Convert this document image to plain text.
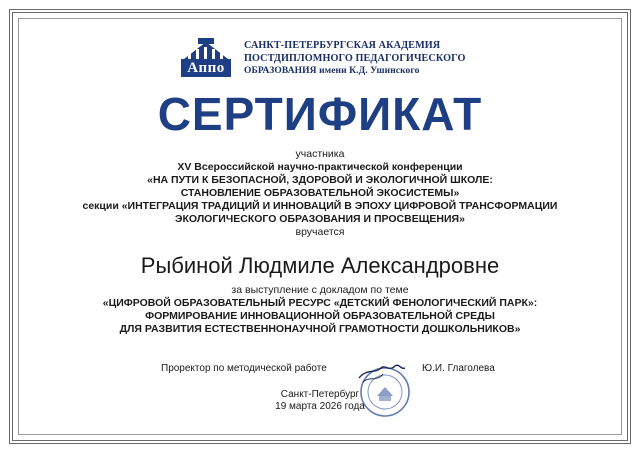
Аппо
САНКТ-ПЕТЕРБУРГСКАЯ АКАДЕМИЯ
ПОСТДИПЛОМНОГО ПЕДАГОГИЧЕСКОГО
ОБРАЗОВАНИЯ имени К.Д. Ушинского
СЕРТИФИКАТ
участника
XV Всероссийской научно-практической конференции
«НА ПУТИ К БЕЗОПАСНОЙ, ЗДОРОВОЙ И ЭКОЛОГИЧНОЙ ШКОЛЕ:
СТАНОВЛЕНИЕ ОБРАЗОВАТЕЛЬНОЙ ЭКОСИСТЕМЫ»
секции «ИНТЕГРАЦИЯ ТРАДИЦИЙ И ИННОВАЦИЙ В ЭПОХУ ЦИФРОВОЙ ТРАНСФОРМАЦИИ
ЭКОЛОГИЧЕСКОГО ОБРАЗОВАНИЯ И ПРОСВЕЩЕНИЯ»
вручается
Рыбиной Людмиле Александровне
за выступление с докладом по теме
«ЦИФРОВОЙ ОБРАЗОВАТЕЛЬНЫЙ РЕСУРС «ДЕТСКИЙ ФЕНОЛОГИЧЕСКИЙ ПАРК»:
ФОРМИРОВАНИЕ ИННОВАЦИОННОЙ ОБРАЗОВАТЕЛЬНОЙ СРЕДЫ
ДЛЯ РАЗВИТИЯ ЕСТЕСТВЕННОНАУЧНОЙ ГРАМОТНОСТИ ДОШКОЛЬНИКОВ»
Проректор по методической работе	Ю.И. Глаголева
Санкт-Петербург
19 марта 2026 года
